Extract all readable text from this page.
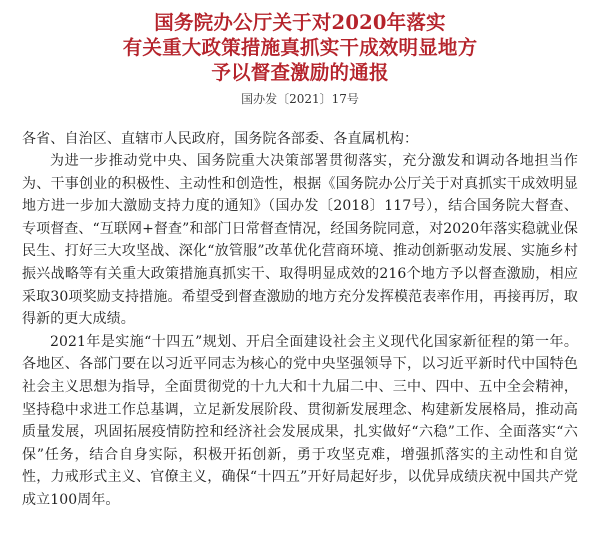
国务院办公厅关于对2020年落实

有关重大政策措施真抓实干成效明显地方

予以督查激励的通报

国办发〔2021〕17号

各省、自治区、直辖市人民政府，国务院各部委、各直属机构：

为进一步推动党中央、国务院重大决策部署贯彻落实，充分激发和调动各地担当作为、干事创业的积极性、主动性和创造性，根据《国务院办公厅关于对真抓实干成效明显地方进一步加大激励支持力度的通知》（国办发〔2018〕117号），结合国务院大督查、专项督查、“互联网+督查”和部门日常督查情况，经国务院同意，对2020年落实稳就业保民生、打好三大攻坚战、深化“放管服”改革优化营商环境、推动创新驱动发展、实施乡村振兴战略等有关重大政策措施真抓实干、取得明显成效的216个地方予以督查激励，相应采取30项奖励支持措施。希望受到督查激励的地方充分发挥模范表率作用，再接再厉，取得新的更大成绩。

2021年是实施“十四五”规划、开启全面建设社会主义现代化国家新征程的第一年。各地区、各部门要在以习近平同志为核心的党中央坚强领导下，以习近平新时代中国特色社会主义思想为指导，全面贯彻党的十九大和十九届二中、三中、四中、五中全会精神，坚持稳中求进工作总基调，立足新发展阶段、贯彻新发展理念、构建新发展格局，推动高质量发展，巩固拓展疫情防控和经济社会发展成果，扎实做好“六稳”工作、全面落实“六保”任务，结合自身实际，积极开拓创新，勇于攻坚克难，增强抓落实的主动性和自觉性，力戒形式主义、官僚主义，确保“十四五”开好局起好步，以优异成绩庆祝中国共产党成立100周年。
